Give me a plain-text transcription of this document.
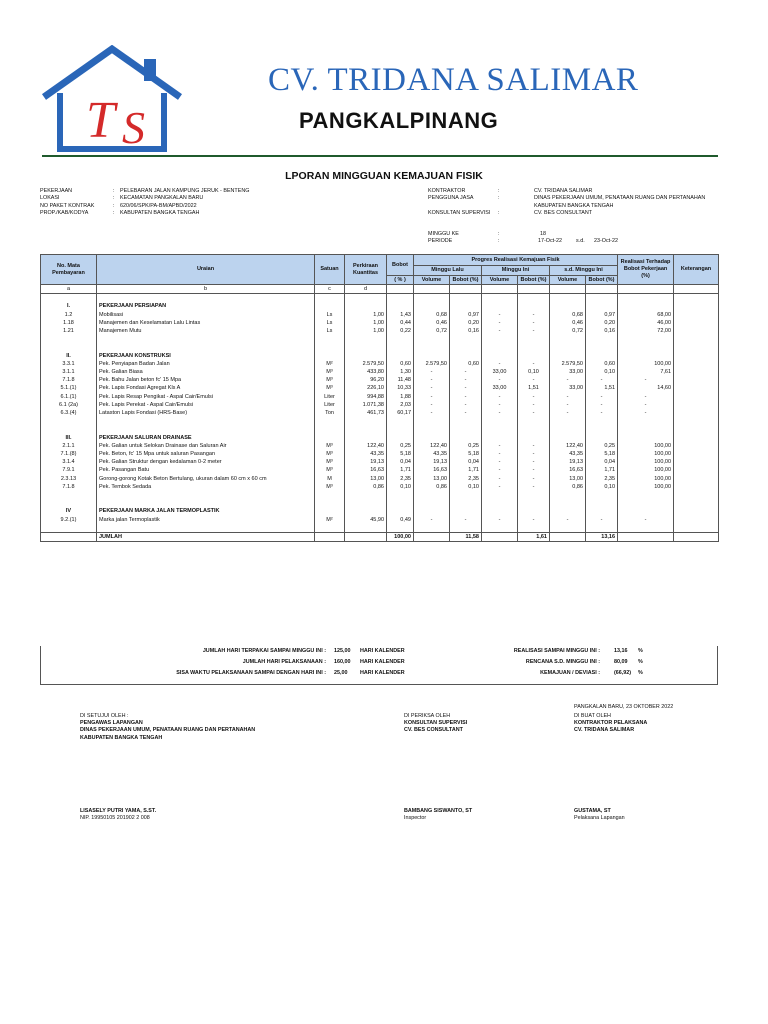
T S
CV. TRIDANA SALIMAR
PANGKALPINANG
LPORAN MINGGUAN KEMAJUAN FISIK
PEKERJAAN	: PELEBARAN JALAN KAMPUNG JERUK - BENTENG
LOKASI	: KECAMATAN PANGKALAN BARU
NO PAKET KONTRAK	: 620/06/SPK/PA-BM/APBD/2022
PROP./KAB/KODYA	: KABUPATEN BANGKA TENGAH
KONTRAKTOR	:	CV. TRIDANA SALIMAR
PENGGUNA JASA	:	DINAS PEKERJAAN UMUM, PENATAAN RUANG DAN PERTANAHAN
KABUPATEN BANGKA TENGAH
KONSULTAN SUPERVISI :	CV. BES CONSULTANT
MINGGU KE	:	18
PERIODE	:	17-Oct-22	s.d. 23-Oct-22
No. Mata Pembayaran	Uraian	Satuan	Perkiraan Kuantitas	Bobot	Progres Realisasi Kemajuan Fisik						Realisasi Terhadap Bobot Pekerjaan (%)	Keterangan
					Minggu Lalu		Minggu Ini		s.d. Minggu Ini			
				( % )	Volume	Bobot (%)	Volume	Bobot (%)	Volume	Bobot (%)		
a	b	c	d									

I.	PEKERJAAN PERSIAPAN											
1.2	Mobilisasi	Ls	1,00	1,43	0,68	0,97	-	-	0,68	0,97	68,00	
1.18	Manajemen dan Keselamatan Lalu Lintas	Ls	1,00	0,44	0,46	0,20	-	-	0,46	0,20	46,00	
1.21	Manajemen Mutu	Ls	1,00	0,22	0,72	0,16	-	-	0,72	0,16	72,00	

II.	PEKERJAAN KONSTRUKSI											
3.3.1	Pek. Penyiapan Badan Jalan	M²	2.579,50	0,60	2.579,50	0,60	-	-	2.579,50	0,60	100,00	
3.1.1	Pek. Galian Biasa	M³	433,80	1,30	-	-	33,00	0,10	33,00	0,10	7,61	
7.1.8	Pek. Bahu Jalan beton fc' 15 Mpa	M³	96,20	11,48	-	-	-	-	-	-	-	
5.1.(1)	Pek. Lapis Fondasi Agregat Kls A	M³	226,10	10,33	-	-	33,00	1,51	33,00	1,51	14,60	
6.1.(1)	Pek. Lapis Resap Pengikat - Aspal Cair/Emulsi	Liter	994,88	1,88	-	-	-	-	-	-	-	
6.1 (2a)	Pek. Lapis Perekat - Aspal Cair/Emulsi	Liter	1.071,38	2,03	-	-	-	-	-	-	-	
6.3.(4)	Lataston Lapis Fondasi (HRS-Base)	Ton	461,73	60,17	-	-	-	-	-	-	-	

III.	PEKERJAAN SALURAN DRAINASE											
2.1.1	Pek. Galian untuk Selokan Drainase dan Saluran Air	M³	122,40	0,25	122,40	0,25	-	-	122,40	0,25	100,00	
7.1.(8)	Pek. Beton, fc' 15 Mpa untuk saluran Pasangan	M³	43,35	5,18	43,35	5,18	-	-	43,35	5,18	100,00	
3.1.4	Pek. Galian Struktur dengan kedalaman 0-2 meter	M³	19,13	0,04	19,13	0,04	-	-	19,13	0,04	100,00	
7.9.1	Pek. Pasangan Batu	M³	16,63	1,71	16,63	1,71	-	-	16,63	1,71	100,00	
2.3.13	Gorong-gorong Kotak Beton Bertulang, ukuran dalam 60 cm x 60 cm	M	13,00	2,35	13,00	2,35	-	-	13,00	2,35	100,00	
7.1.8	Pek. Tembok Sedada	M³	0,86	0,10	0,86	0,10	-	-	0,86	0,10	100,00	

IV	PEKERJAAN MARKA JALAN TERMOPLASTIK											
9.2.(1)	Marka jalan Termoplastik	M²	45,90	0,49	-	-	-	-	-	-	-	

	JUMLAH			100,00		11,58		1,61		13,16		
JUMLAH HARI TERPAKAI SAMPAI MINGGU INI : 125,00 HARI KALENDER
JUMLAH HARI PELAKSANAAN : 160,00 HARI KALENDER
SISA WAKTU PELAKSANAAN SAMPAI DENGAN HARI INI : 25,00 HARI KALENDER
REALISASI SAMPAI MINGGU INI :	13,16 %
RENCANA S.D. MINGGU INI :	80,09 %
KEMAJUAN / DEVIASI :	(66,92) %
PANGKALAN BARU, 23 OKTOBER 2022
DI SETUJUI OLEH :
PENGAWAS LAPANGAN
DINAS PEKERJAAN UMUM, PENATAAN RUANG DAN PERTANAHAN
KABUPATEN BANGKA TENGAH
LISASELY PUTRI YAMA, S.ST.
NIP. 19950105 201902 2 008
DI PERIKSA OLEH
KONSULTAN SUPERVISI
CV. BES CONSULTANT
BAMBANG SISWANTO, ST
Inspector
DI BUAT OLEH
KONTRAKTOR PELAKSANA
CV. TRIDANA SALIMAR
GUSTAMA, ST
Pelaksana Lapangan
